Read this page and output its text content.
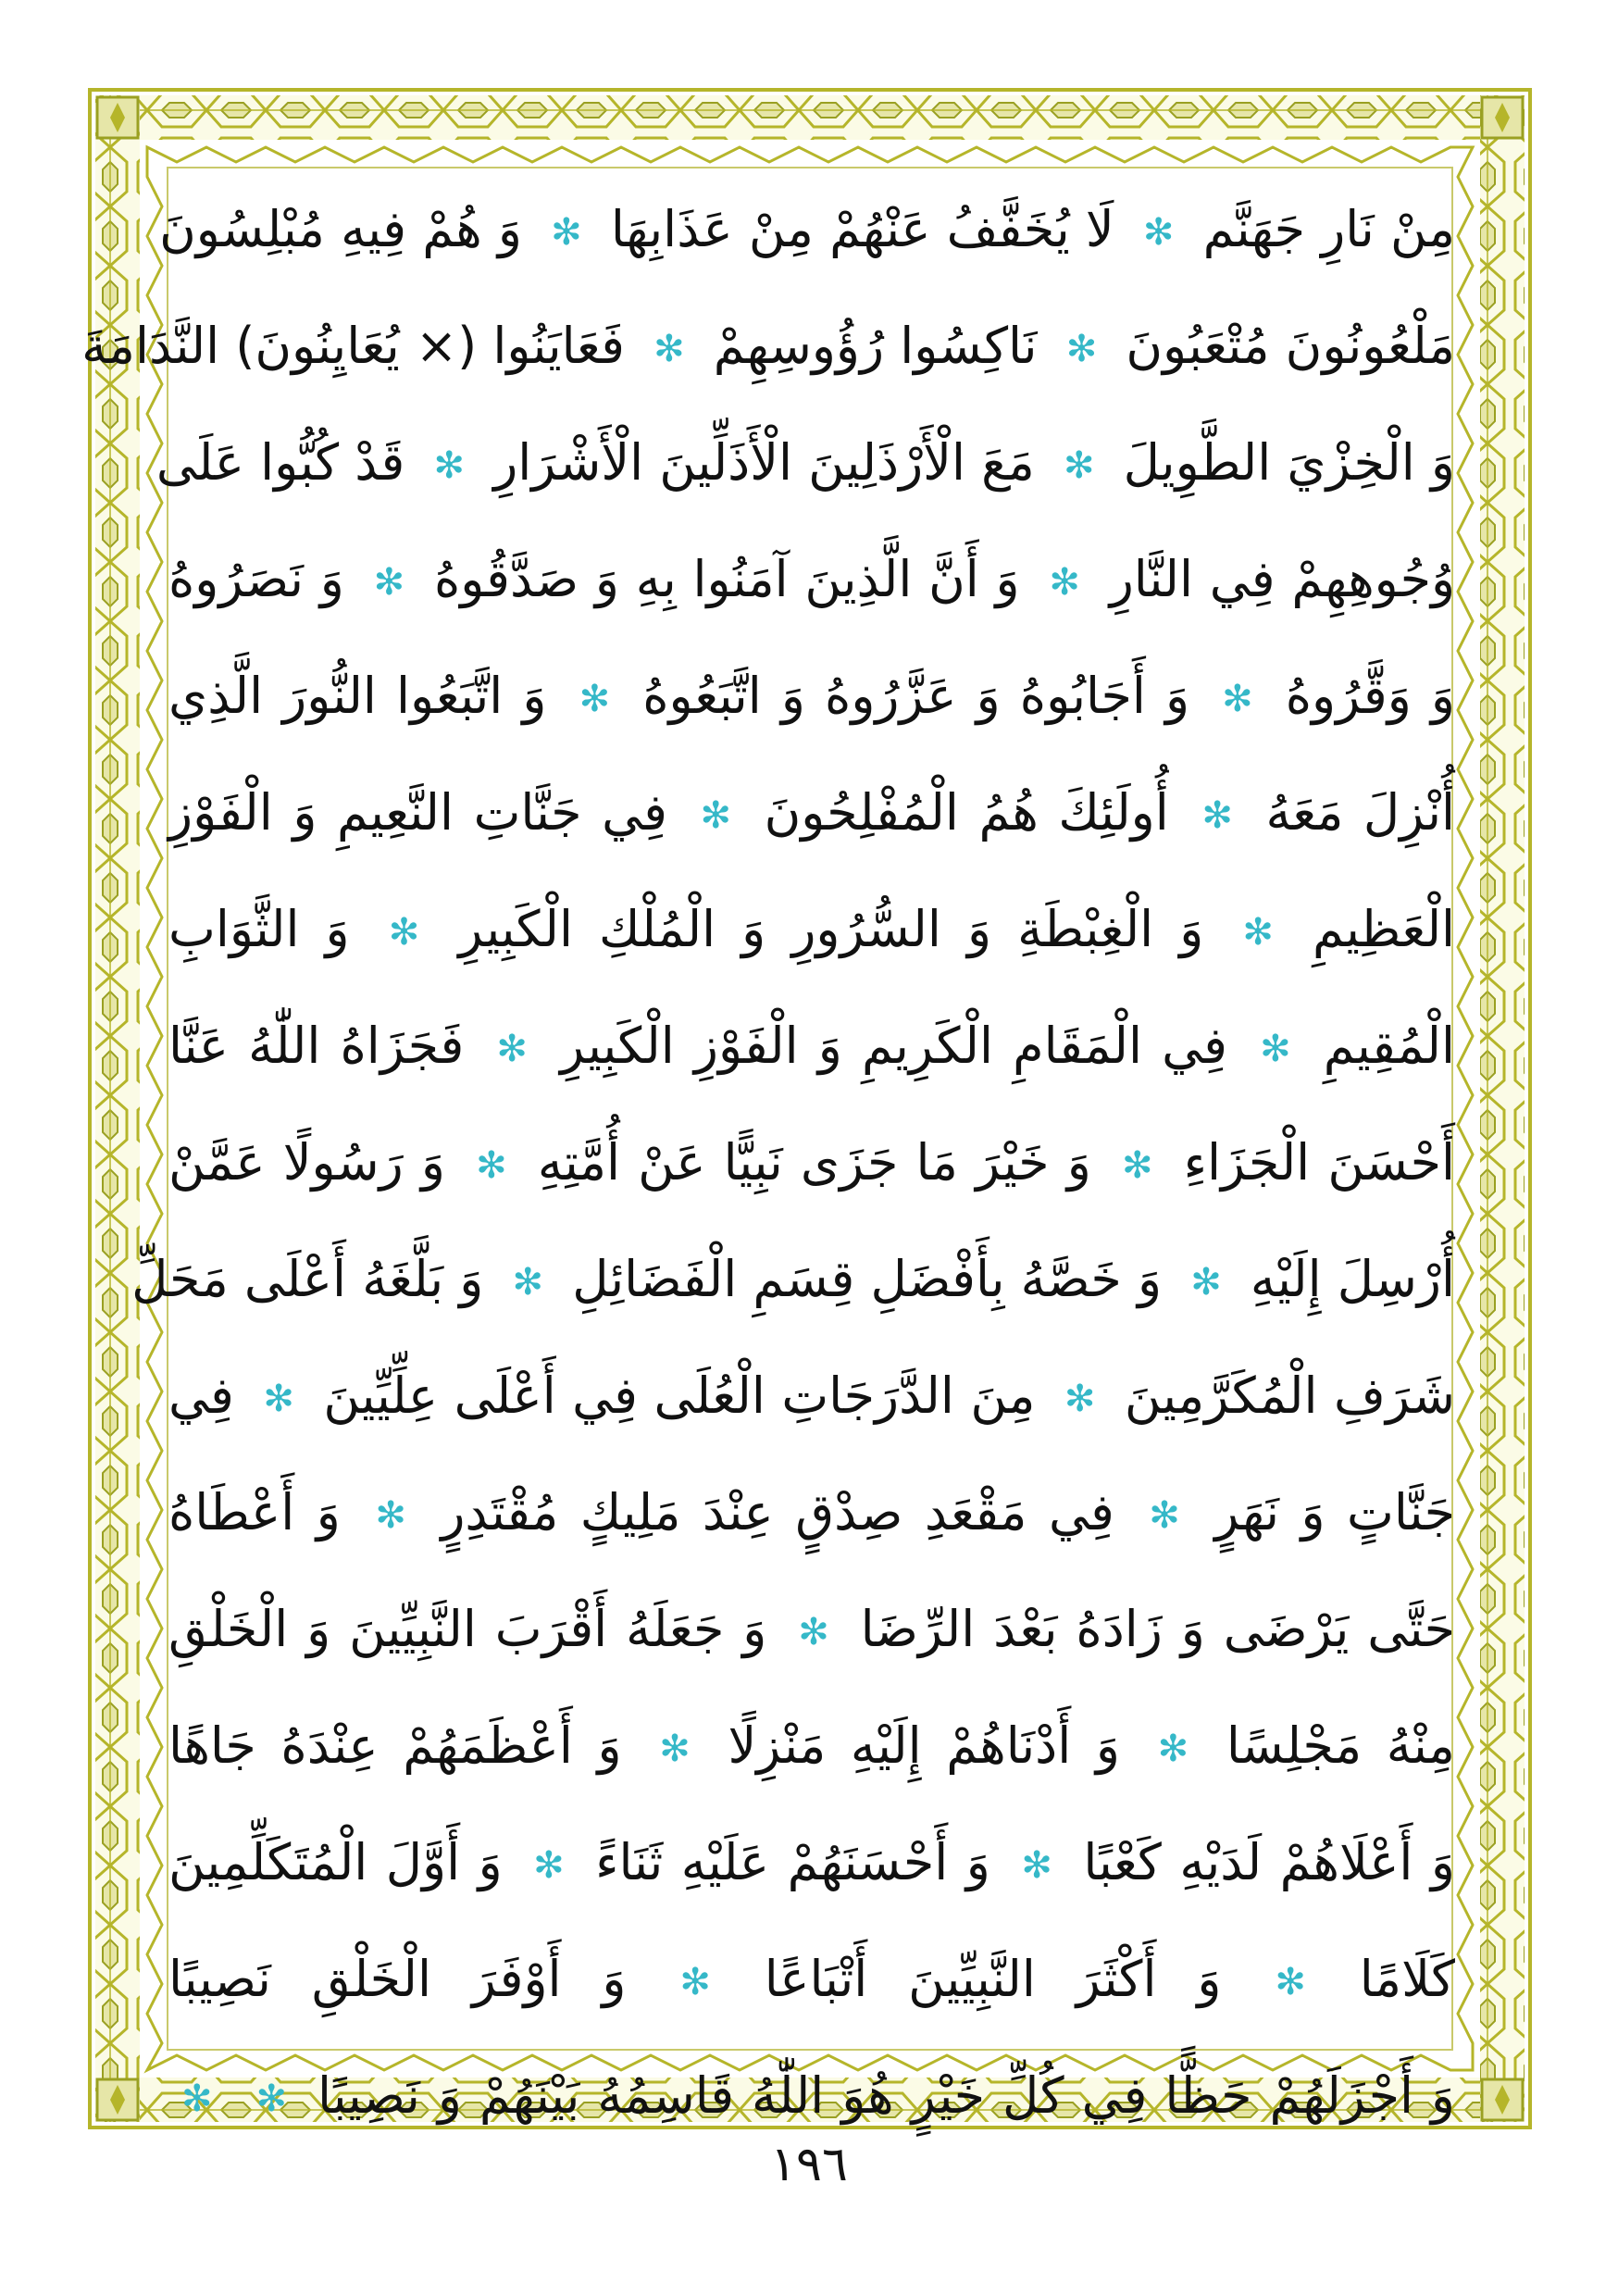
مِنْ نَارِ جَهَنَّم ✻ لَا يُخَفَّفُ عَنْهُمْ مِنْ عَذَابِهَا ✻ وَ هُمْ فِيهِ مُبْلِسُونَ
مَلْعُونُونَ مُتْعَبُونَ ✻ نَاكِسُوا رُؤُوسِهِمْ ✻ فَعَايَنُوا (× يُعَايِنُونَ) النَّدَامَةَ
وَ الْخِزْيَ الطَّوِيلَ ✻ مَعَ الْأَرْذَلِينَ الْأَذَلِّينَ الْأَشْرَارِ ✻ قَدْ كُبُّوا عَلَى
وُجُوهِهِمْ فِي النَّارِ ✻ وَ أَنَّ الَّذِينَ آمَنُوا بِهِ وَ صَدَّقُوهُ ✻ وَ نَصَرُوهُ
وَ وَقَّرُوهُ ✻ وَ أَجَابُوهُ وَ عَزَّرُوهُ وَ اتَّبَعُوهُ ✻ وَ اتَّبَعُوا النُّورَ الَّذِي
أُنْزِلَ مَعَهُ ✻ أُولَئِكَ هُمُ الْمُفْلِحُونَ ✻ فِي جَنَّاتِ النَّعِيمِ وَ الْفَوْزِ
الْعَظِيمِ ✻ وَ الْغِبْطَةِ وَ السُّرُورِ وَ الْمُلْكِ الْكَبِيرِ ✻ وَ الثَّوَابِ
الْمُقِيمِ ✻ فِي الْمَقَامِ الْكَرِيمِ وَ الْفَوْزِ الْكَبِيرِ ✻ فَجَزَاهُ اللّٰهُ عَنَّا
أَحْسَنَ الْجَزَاءِ ✻ وَ خَيْرَ مَا جَزَى نَبِيًّا عَنْ أُمَّتِهِ ✻ وَ رَسُولًا عَمَّنْ
أُرْسِلَ إِلَيْهِ ✻ وَ خَصَّهُ بِأَفْضَلِ قِسَمِ الْفَضَائِلِ ✻ وَ بَلَّغَهُ أَعْلَى مَحَلِّ
شَرَفِ الْمُكَرَّمِينَ ✻ مِنَ الدَّرَجَاتِ الْعُلَى فِي أَعْلَى عِلِّيِّينَ ✻ فِي
جَنَّاتٍ وَ نَهَرٍ ✻ فِي مَقْعَدِ صِدْقٍ عِنْدَ مَلِيكٍ مُقْتَدِرٍ ✻ وَ أَعْطَاهُ
حَتَّى يَرْضَى وَ زَادَهُ بَعْدَ الرِّضَا ✻ وَ جَعَلَهُ أَقْرَبَ النَّبِيِّينَ وَ الْخَلْقِ
مِنْهُ مَجْلِسًا ✻ وَ أَدْنَاهُمْ إِلَيْهِ مَنْزِلًا ✻ وَ أَعْظَمَهُمْ عِنْدَهُ جَاهًا
وَ أَعْلَاهُمْ لَدَيْهِ كَعْبًا ✻ وَ أَحْسَنَهُمْ عَلَيْهِ ثَنَاءً ✻ وَ أَوَّلَ الْمُتَكَلِّمِينَ
كَلَامًا ✻ وَ أَكْثَرَ النَّبِيِّينَ أَتْبَاعًا ✻ وَ أَوْفَرَ الْخَلْقِ نَصِيبًا
وَ أَجْزَلَهُمْ حَظًّا فِي كُلِّ خَيْرٍ هُوَ اللّٰهُ قَاسِمُهُ بَيْنَهُمْ وَ نَصِيبًا ✻ ✻
١٩٦
